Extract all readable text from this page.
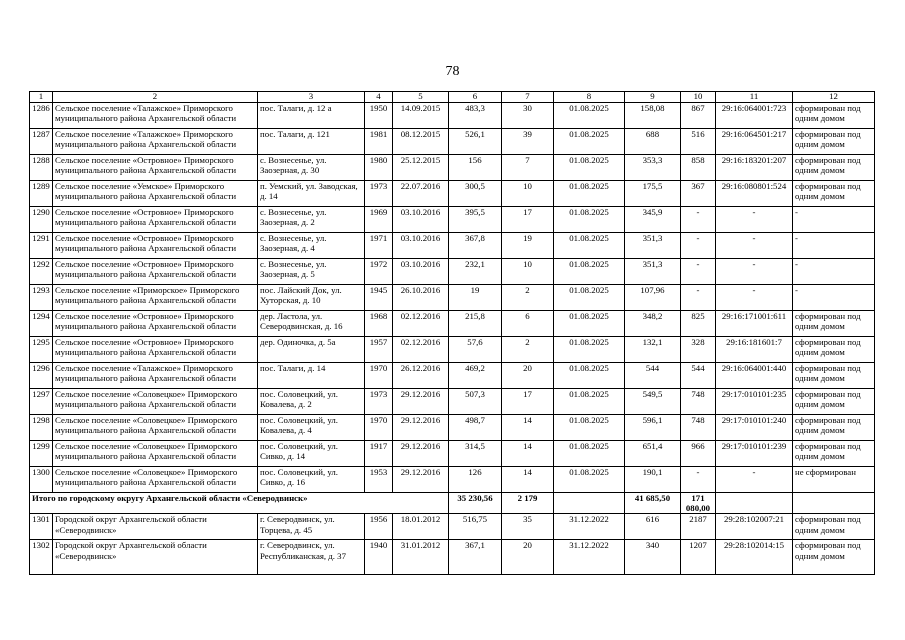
78
1	2	3	4	5	6	7	8	9	10	11	12
1286	Сельское поселение «Талажское» Приморского муниципального района Архангельской области	пос. Талаги, д. 12 а	1950	14.09.2015	483,3	30	01.08.2025	158,08	867	29:16:064001:723	сформирован под одним домом
1287	Сельское поселение «Талажское» Приморского муниципального района Архангельской области	пос. Талаги, д. 121	1981	08.12.2015	526,1	39	01.08.2025	688	516	29:16:064501:217	сформирован под одним домом
1288	Сельское поселение «Островное» Приморского муниципального района Архангельской области	с. Вознесенье, ул. Заозерная, д. 30	1980	25.12.2015	156	7	01.08.2025	353,3	858	29:16:183201:207	сформирован под одним домом
1289	Сельское поселение «Уемское» Приморского муниципального района Архангельской области	п. Уемский, ул. Заводская, д. 14	1973	22.07.2016	300,5	10	01.08.2025	175,5	367	29:16:080801:524	сформирован под одним домом
1290	Сельское поселение «Островное» Приморского муниципального района Архангельской области	с. Вознесенье, ул. Заозерная, д. 2	1969	03.10.2016	395,5	17	01.08.2025	345,9	-	-	-
1291	Сельское поселение «Островное» Приморского муниципального района Архангельской области	с. Вознесенье, ул. Заозерная, д. 4	1971	03.10.2016	367,8	19	01.08.2025	351,3	-	-	-
1292	Сельское поселение «Островное» Приморского муниципального района Архангельской области	с. Вознесенье, ул. Заозерная, д. 5	1972	03.10.2016	232,1	10	01.08.2025	351,3	-	-	-
1293	Сельское поселение «Приморское» Приморского муниципального района Архангельской области	пос. Лайский Док, ул. Хуторская, д. 10	1945	26.10.2016	19	2	01.08.2025	107,96	-	-	-
1294	Сельское поселение «Островное» Приморского муниципального района Архангельской области	дер. Ластола, ул. Северодвинская, д. 16	1968	02.12.2016	215,8	6	01.08.2025	348,2	825	29:16:171001:611	сформирован под одним домом
1295	Сельское поселение «Островное» Приморского муниципального района Архангельской области	дер. Одиночка, д. 5а	1957	02.12.2016	57,6	2	01.08.2025	132,1	328	29:16:181601:7	сформирован под одним домом
1296	Сельское поселение «Талажское» Приморского муниципального района Архангельской области	пос. Талаги, д. 14	1970	26.12.2016	469,2	20	01.08.2025	544	544	29:16:064001:440	сформирован под одним домом
1297	Сельское поселение «Соловецкое» Приморского муниципального района Архангельской области	пос. Соловецкий, ул. Ковалева, д. 2	1973	29.12.2016	507,3	17	01.08.2025	549,5	748	29:17:010101:235	сформирован под одним домом
1298	Сельское поселение «Соловецкое» Приморского муниципального района Архангельской области	пос. Соловецкий, ул. Ковалева, д. 4	1970	29.12.2016	498,7	14	01.08.2025	596,1	748	29:17:010101:240	сформирован под одним домом
1299	Сельское поселение «Соловецкое» Приморского муниципального района Архангельской области	пос. Соловецкий, ул. Сивко, д. 14	1917	29.12.2016	314,5	14	01.08.2025	651,4	966	29:17:010101:239	сформирован под одним домом
1300	Сельское поселение «Соловецкое» Приморского муниципального района Архангельской области	пос. Соловецкий, ул. Сивко, д. 16	1953	29.12.2016	126	14	01.08.2025	190,1	-	-	не сформирован
Итого по городскому округу Архангельской области «Северодвинск»					35 230,56	2 179		41 685,50	171 080,00		
1301	Городской округ Архангельской области «Северодвинск»	г. Северодвинск, ул. Торцева, д. 45	1956	18.01.2012	516,75	35	31.12.2022	616	2187	29:28:102007:21	сформирован под одним домом
1302	Городской округ Архангельской области «Северодвинск»	г. Северодвинск, ул. Республиканская, д. 37	1940	31.01.2012	367,1	20	31.12.2022	340	1207	29:28:102014:15	сформирован под одним домом
